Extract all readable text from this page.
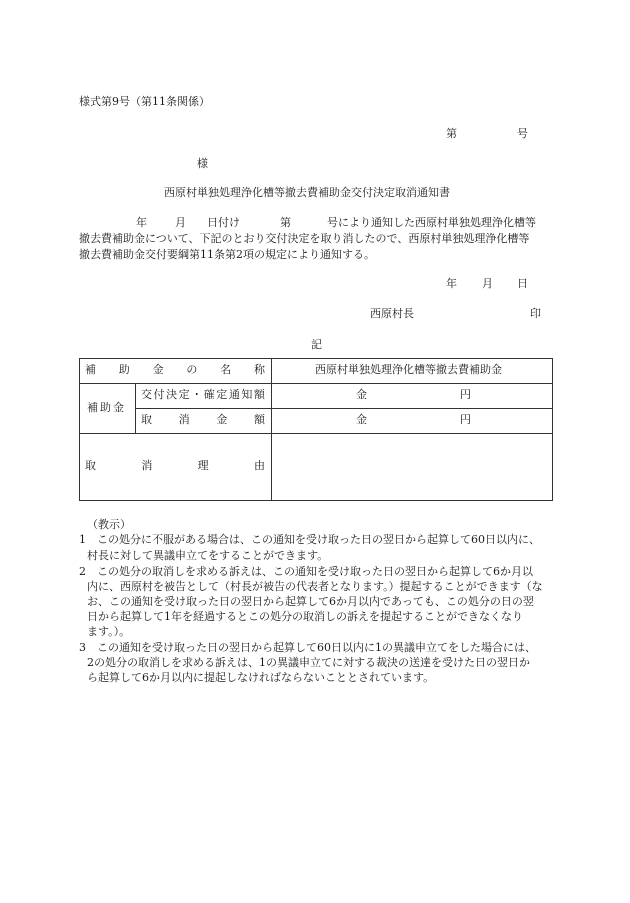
様式第9号（第11条関係）
第	号
様
西原村単独処理浄化槽等撤去費補助金交付決定取消通知書
年	月 日付け	第	号により通知した西原村単独処理浄化槽等
撤去費補助金について、下記のとおり交付決定を取り消したので、西原村単独処理浄化槽等
撤去費補助金交付要綱第11条第2項の規定により通知する。
年 月 日
西原村長	印
記
補 助 金 の 名 称	西原村単独処理浄化槽等撤去費補助金
補助金
交 付 決 定 ・ 確 定 通 知 額	金	円
取 消 金 額	金	円
取	消	理	由
（教示）
1 この処分に不服がある場合は、この通知を受け取った日の翌日から起算して60日以内に、
村長に対して異議申立てをすることができます。
2 この処分の取消しを求める訴えは、この通知を受け取った日の翌日から起算して6か月以
内に、西原村を被告として（村長が被告の代表者となります。）提起することができます（な
お、この通知を受け取った日の翌日から起算して6か月以内であっても、この処分の日の翌
日から起算して1年を経過するとこの処分の取消しの訴えを提起することができなくなり
ます。）。
3 この通知を受け取った日の翌日から起算して60日以内に1の異議申立てをした場合には、
2の処分の取消しを求める訴えは、1の異議申立てに対する裁決の送達を受けた日の翌日か
ら起算して6か月以内に提起しなければならないこととされています。
